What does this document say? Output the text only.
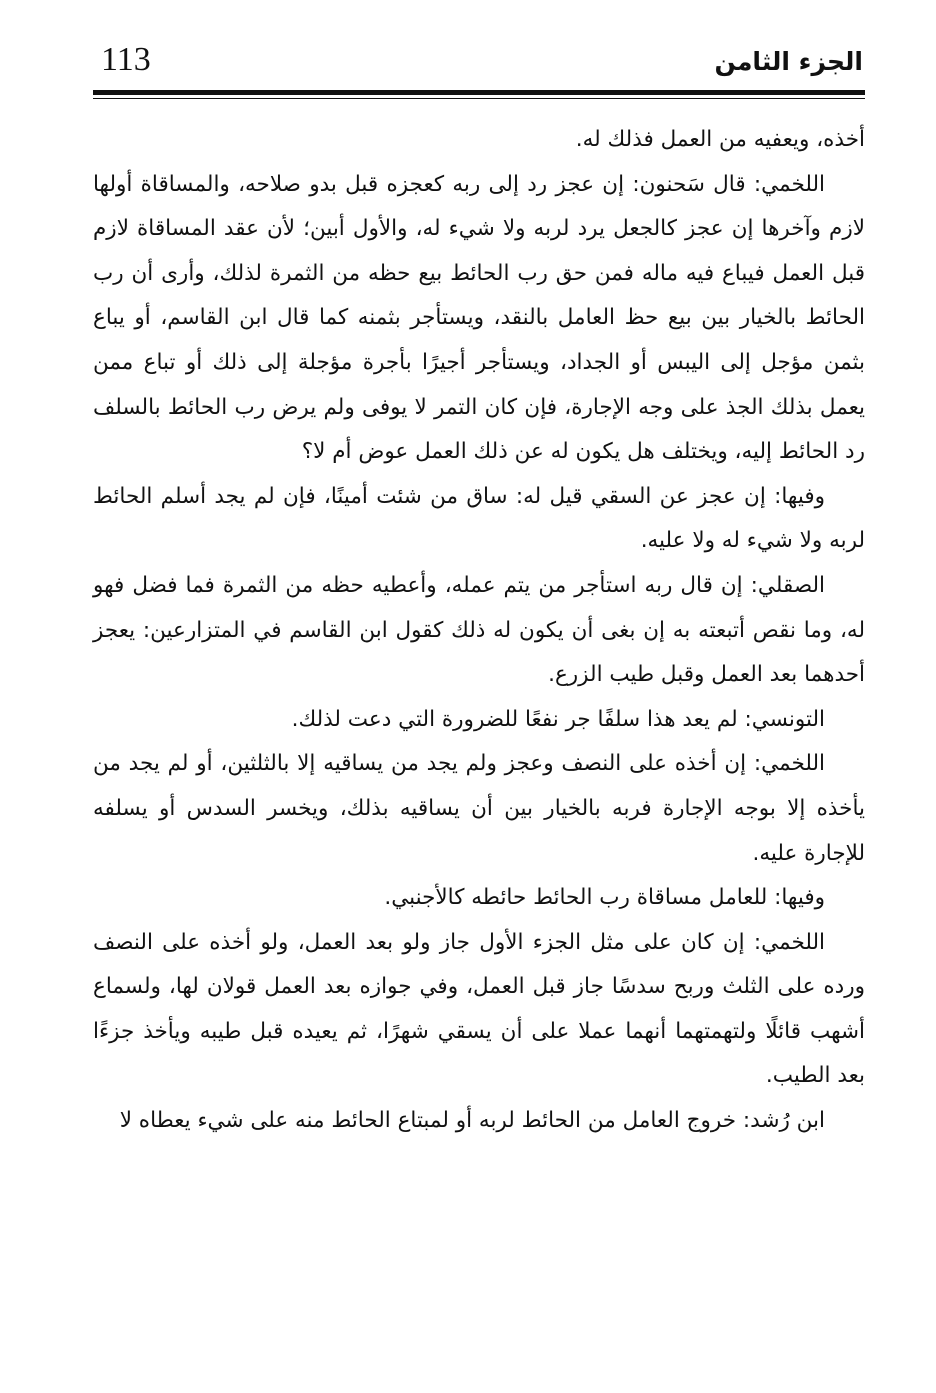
113	الجزء الثامن

أخذه، ويعفيه من العمل فذلك له.

اللخمي: قال سَحنون: إن عجز رد إلى ربه كعجزه قبل بدو صلاحه، والمساقاة أولها لازم وآخرها إن عجز كالجعل يرد لربه ولا شيء له، والأول أبين؛ لأن عقد المساقاة لازم قبل العمل فيباع فيه ماله فمن حق رب الحائط بيع حظه من الثمرة لذلك، وأرى أن رب الحائط بالخيار بين بيع حظ العامل بالنقد، ويستأجر بثمنه كما قال ابن القاسم، أو يباع بثمن مؤجل إلى اليبس أو الجداد، ويستأجر أجيرًا بأجرة مؤجلة إلى ذلك أو تباع ممن يعمل بذلك الجذ على وجه الإجارة، فإن كان التمر لا يوفى ولم يرض رب الحائط بالسلف رد الحائط إليه، ويختلف هل يكون له عن ذلك العمل عوض أم لا؟

وفيها: إن عجز عن السقي قيل له: ساق من شئت أمينًا، فإن لم يجد أسلم الحائط لربه ولا شيء له ولا عليه.

الصقلي: إن قال ربه استأجر من يتم عمله، وأعطيه حظه من الثمرة فما فضل فهو له، وما نقص أتبعته به إن بغى أن يكون له ذلك كقول ابن القاسم في المتزارعين: يعجز أحدهما بعد العمل وقبل طيب الزرع.

التونسي: لم يعد هذا سلفًا جر نفعًا للضرورة التي دعت لذلك.

اللخمي: إن أخذه على النصف وعجز ولم يجد من يساقيه إلا بالثلثين، أو لم يجد من يأخذه إلا بوجه الإجارة فربه بالخيار بين أن يساقيه بذلك، ويخسر السدس أو يسلفه للإجارة عليه.

وفيها: للعامل مساقاة رب الحائط حائطه كالأجنبي.

اللخمي: إن كان على مثل الجزء الأول جاز ولو بعد العمل، ولو أخذه على النصف ورده على الثلث وربح سدسًا جاز قبل العمل، وفي جوازه بعد العمل قولان لها، ولسماع أشهب قائلًا ولتهمتهما أنهما عملا على أن يسقي شهرًا، ثم يعيده قبل طيبه ويأخذ جزءًا بعد الطيب.

ابن رُشد: خروج العامل من الحائط لربه أو لمبتاع الحائط منه على شيء يعطاه لا
